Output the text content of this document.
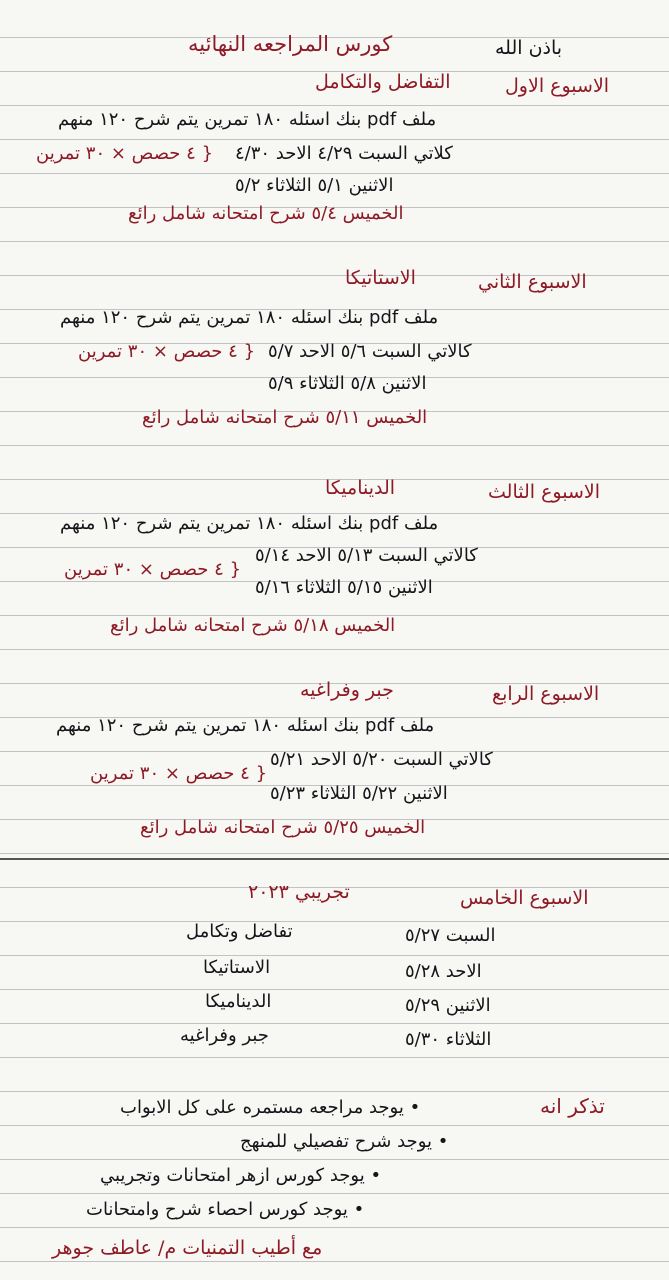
باذن الله
كورس المراجعه النهائيه
الاسبوع الاول
التفاضل والتكامل
ملف pdf بنك اسئله ١٨٠ تمرين يتم شرح ١٢٠ منهم
كلاتي السبت ٤/٢٩ الاحد ٤/٣٠
{ ٤ حصص × ٣٠ تمرين
الاثنين ٥/١ الثلاثاء ٥/٢
الخميس ٥/٤ شرح امتحانه شامل رائع
الاسبوع الثاني
الاستاتيكا
ملف pdf بنك اسئله ١٨٠ تمرين يتم شرح ١٢٠ منهم
كالاتي السبت ٥/٦ الاحد ٥/٧
{ ٤ حصص × ٣٠ تمرين
الاثنين ٥/٨ الثلاثاء ٥/٩
الخميس ٥/١١ شرح امتحانه شامل رائع
الاسبوع الثالث
الديناميكا
ملف pdf بنك اسئله ١٨٠ تمرين يتم شرح ١٢٠ منهم
كالاتي السبت ٥/١٣ الاحد ٥/١٤
{ ٤ حصص × ٣٠ تمرين
الاثنين ٥/١٥ الثلاثاء ٥/١٦
الخميس ٥/١٨ شرح امتحانه شامل رائع
الاسبوع الرابع
جبر وفراغيه
ملف pdf بنك اسئله ١٨٠ تمرين يتم شرح ١٢٠ منهم
كالاتي السبت ٥/٢٠ الاحد ٥/٢١
{ ٤ حصص × ٣٠ تمرين
الاثنين ٥/٢٢ الثلاثاء ٥/٢٣
الخميس ٥/٢٥ شرح امتحانه شامل رائع
الاسبوع الخامس
تجريبي ٢٠٢٣
السبت ٥/٢٧
تفاضل وتكامل
الاحد ٥/٢٨
الاستاتيكا
الاثنين ٥/٢٩
الديناميكا
الثلاثاء ٥/٣٠
جبر وفراغيه
تذكر انه
• يوجد مراجعه مستمره على كل الابواب
• يوجد شرح تفصيلي للمنهج
• يوجد كورس ازهر امتحانات وتجريبي
• يوجد كورس احصاء شرح وامتحانات
مع أطيب التمنيات م/ عاطف جوهر
